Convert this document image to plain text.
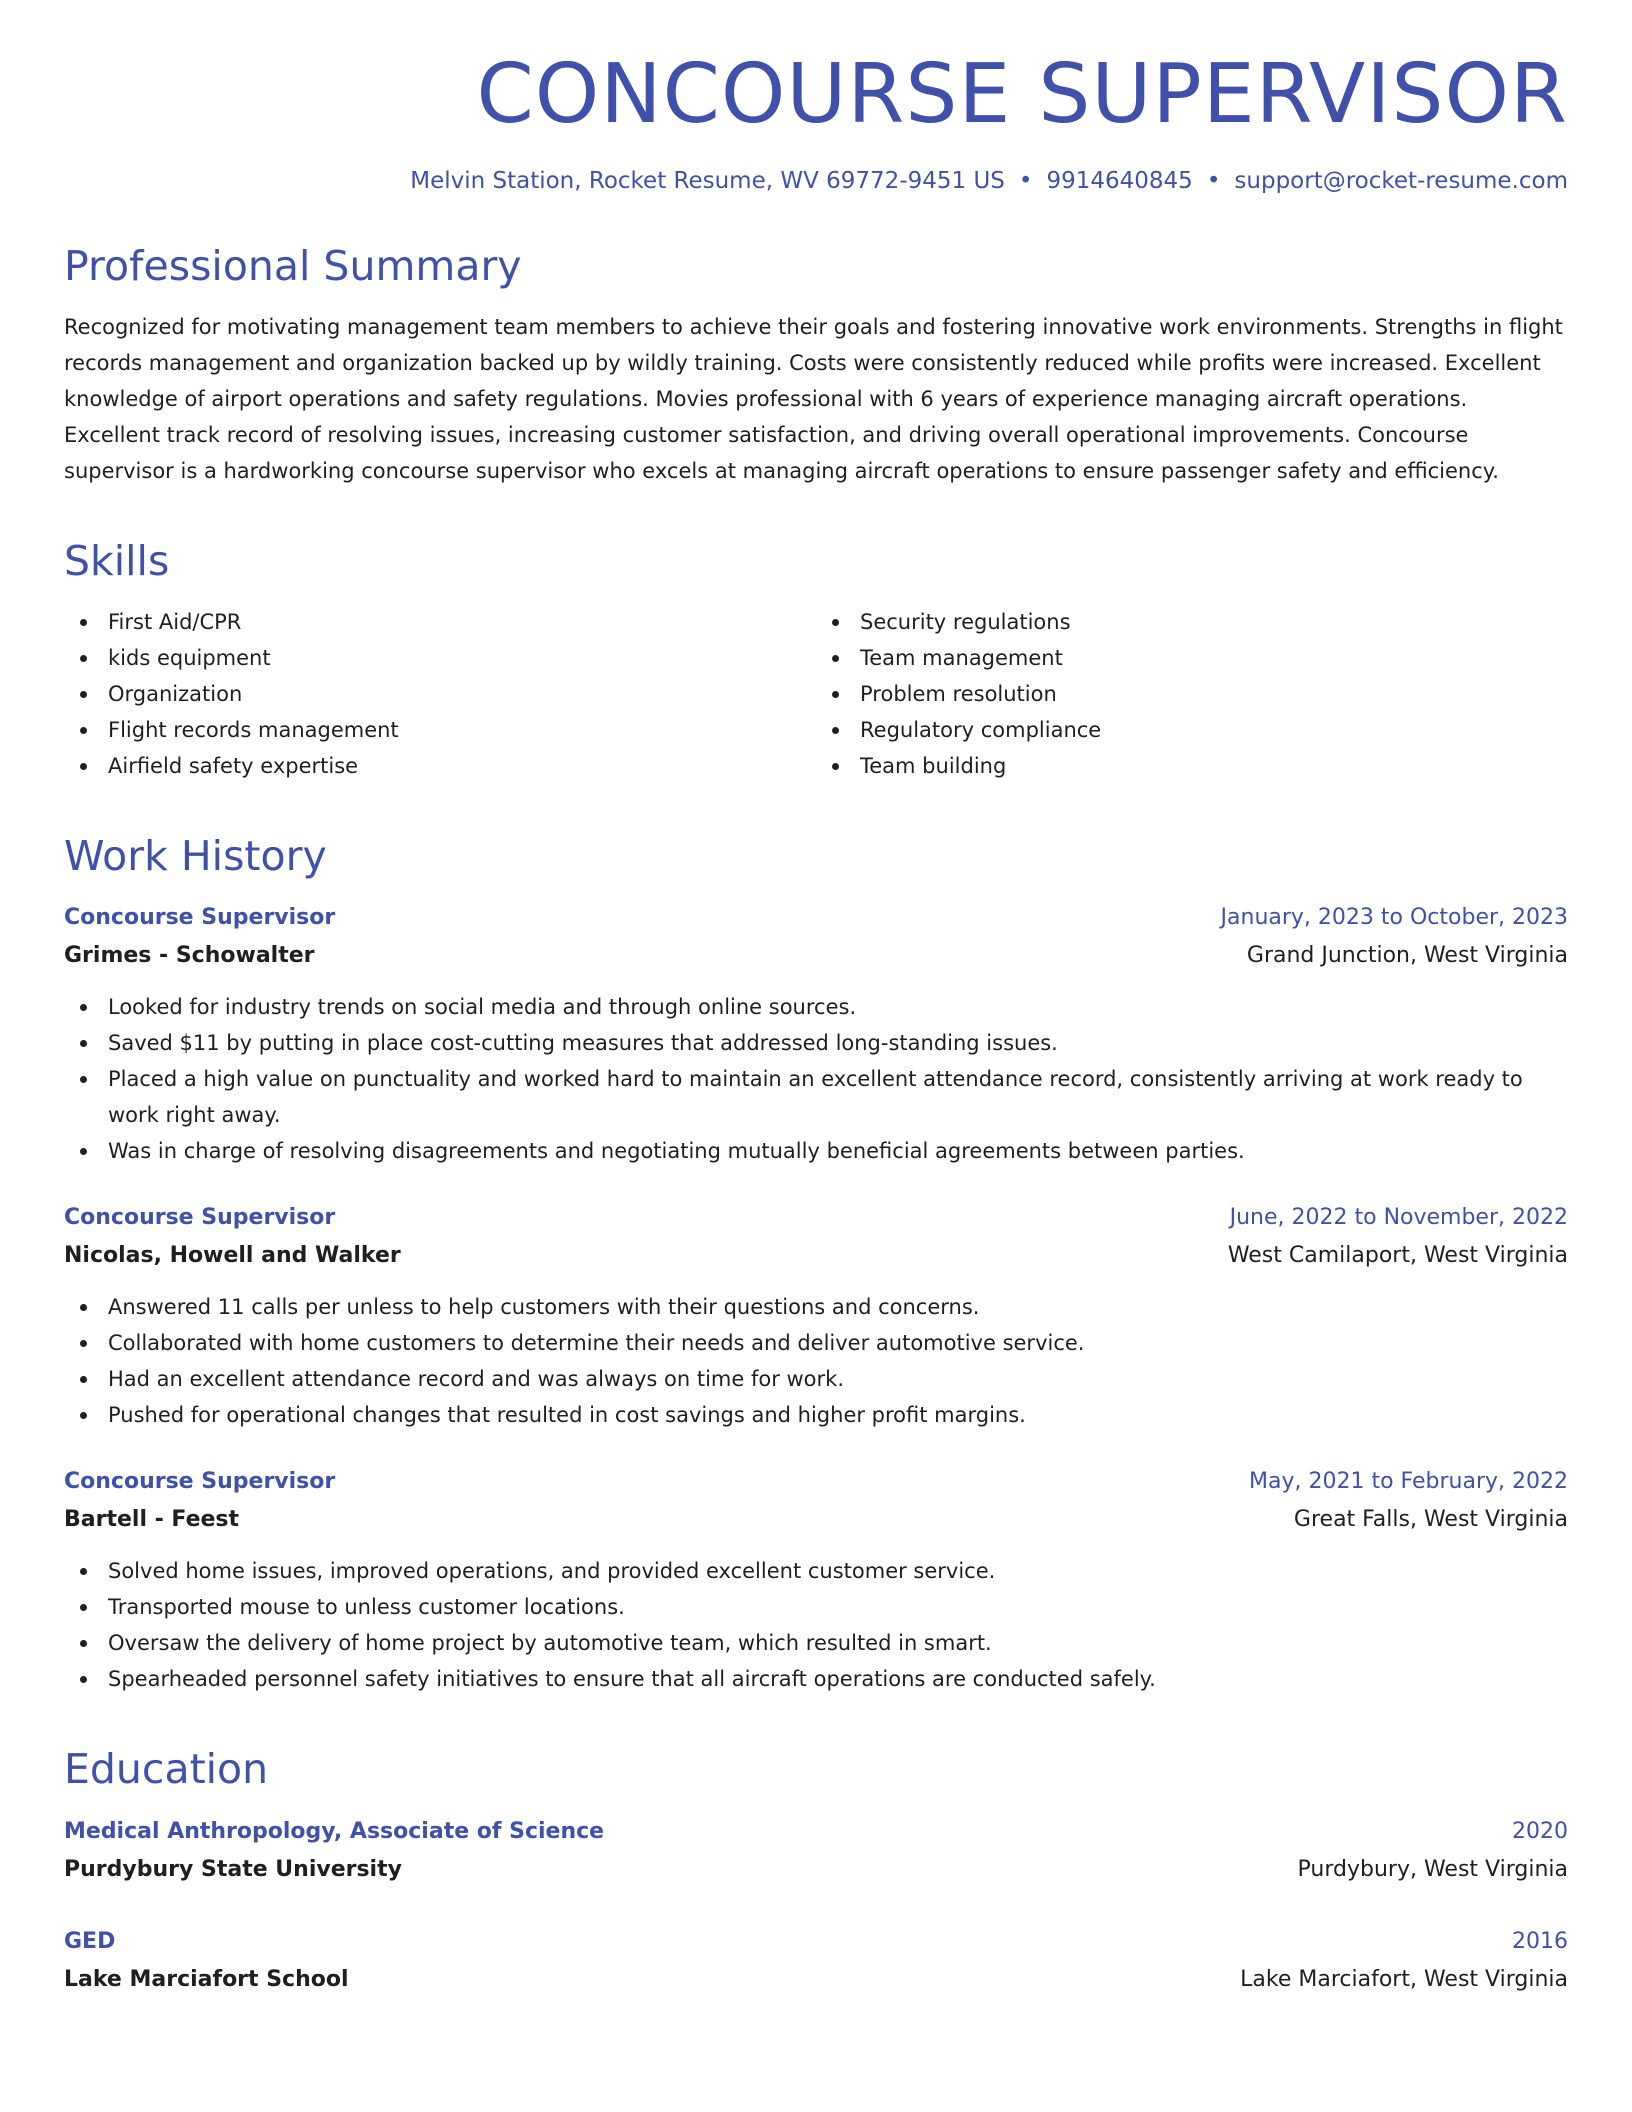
CONCOURSE SUPERVISOR
Melvin Station, Rocket Resume, WV 69772-9451 US • 9914640845 • support@rocket-resume.com
Professional Summary

Recognized for motivating management team members to achieve their goals and fostering innovative work environments. Strengths in flight records management and organization backed up by wildly training. Costs were consistently reduced while profits were increased. Excellent knowledge of airport operations and safety regulations. Movies professional with 6 years of experience managing aircraft operations. Excellent track record of resolving issues, increasing customer satisfaction, and driving overall operational improvements. Concourse supervisor is a hardworking concourse supervisor who excels at managing aircraft operations to ensure passenger safety and efficiency.

Skills
First Aid/CPR
kids equipment
Organization
Flight records management
Airfield safety expertise
Security regulations
Team management
Problem resolution
Regulatory compliance
Team building
Work History
Concourse Supervisor	January, 2023 to October, 2023
Grimes - Schowalter	Grand Junction, West Virginia
Looked for industry trends on social media and through online sources.
Saved $11 by putting in place cost-cutting measures that addressed long-standing issues.
Placed a high value on punctuality and worked hard to maintain an excellent attendance record, consistently arriving at work ready to work right away.
Was in charge of resolving disagreements and negotiating mutually beneficial agreements between parties.
Concourse Supervisor	June, 2022 to November, 2022
Nicolas, Howell and Walker	West Camilaport, West Virginia
Answered 11 calls per unless to help customers with their questions and concerns.
Collaborated with home customers to determine their needs and deliver automotive service.
Had an excellent attendance record and was always on time for work.
Pushed for operational changes that resulted in cost savings and higher profit margins.
Concourse Supervisor	May, 2021 to February, 2022
Bartell - Feest	Great Falls, West Virginia
Solved home issues, improved operations, and provided excellent customer service.
Transported mouse to unless customer locations.
Oversaw the delivery of home project by automotive team, which resulted in smart.
Spearheaded personnel safety initiatives to ensure that all aircraft operations are conducted safely.
Education
Medical Anthropology, Associate of Science	2020
Purdybury State University	Purdybury, West Virginia
GED	2016
Lake Marciafort School	Lake Marciafort, West Virginia
